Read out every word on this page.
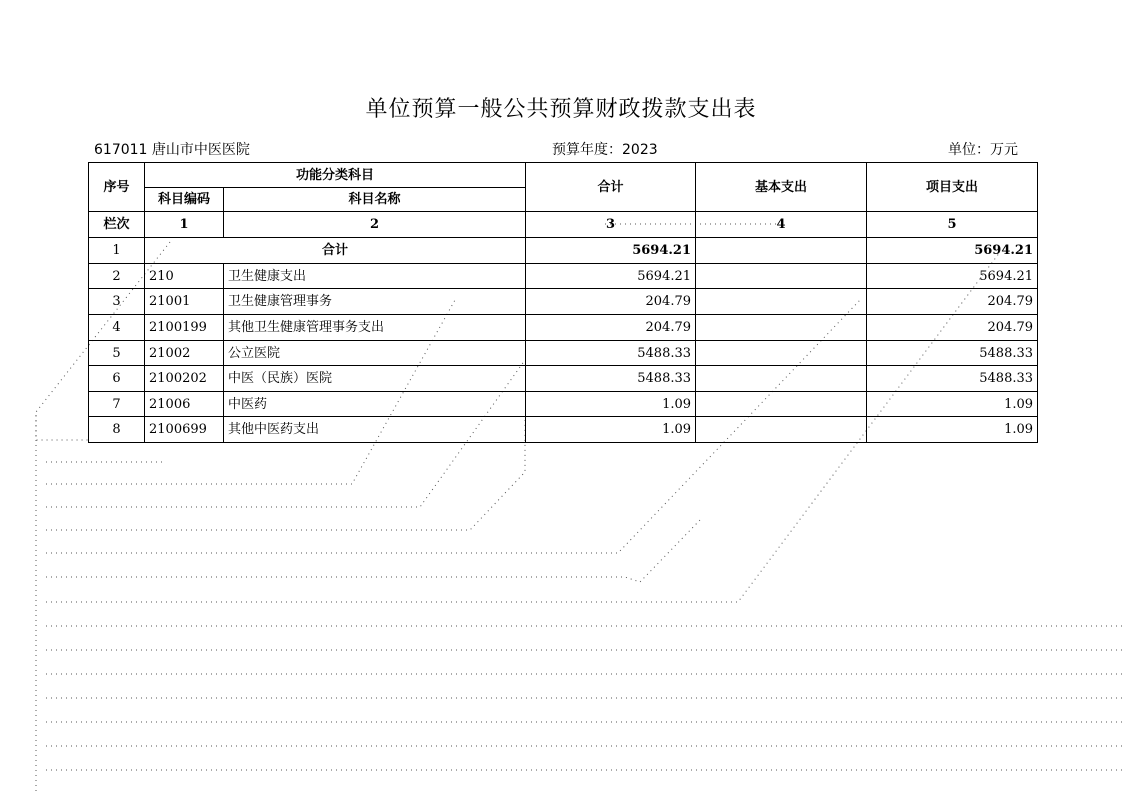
单位预算一般公共预算财政拨款支出表
617011 唐山市中医医院	预算年度：2023	单位：万元
序号	功能分类科目		合计	基本支出	项目支出
	科目编码	科目名称			
栏次	1	2	3	4	5
1	合计		5694.21		5694.21
2	210	卫生健康支出	5694.21		5694.21
3	21001	卫生健康管理事务	204.79		204.79
4	2100199	其他卫生健康管理事务支出	204.79		204.79
5	21002	公立医院	5488.33		5488.33
6	2100202	中医（民族）医院	5488.33		5488.33
7	21006	中医药	1.09		1.09
8	2100699	其他中医药支出	1.09		1.09
